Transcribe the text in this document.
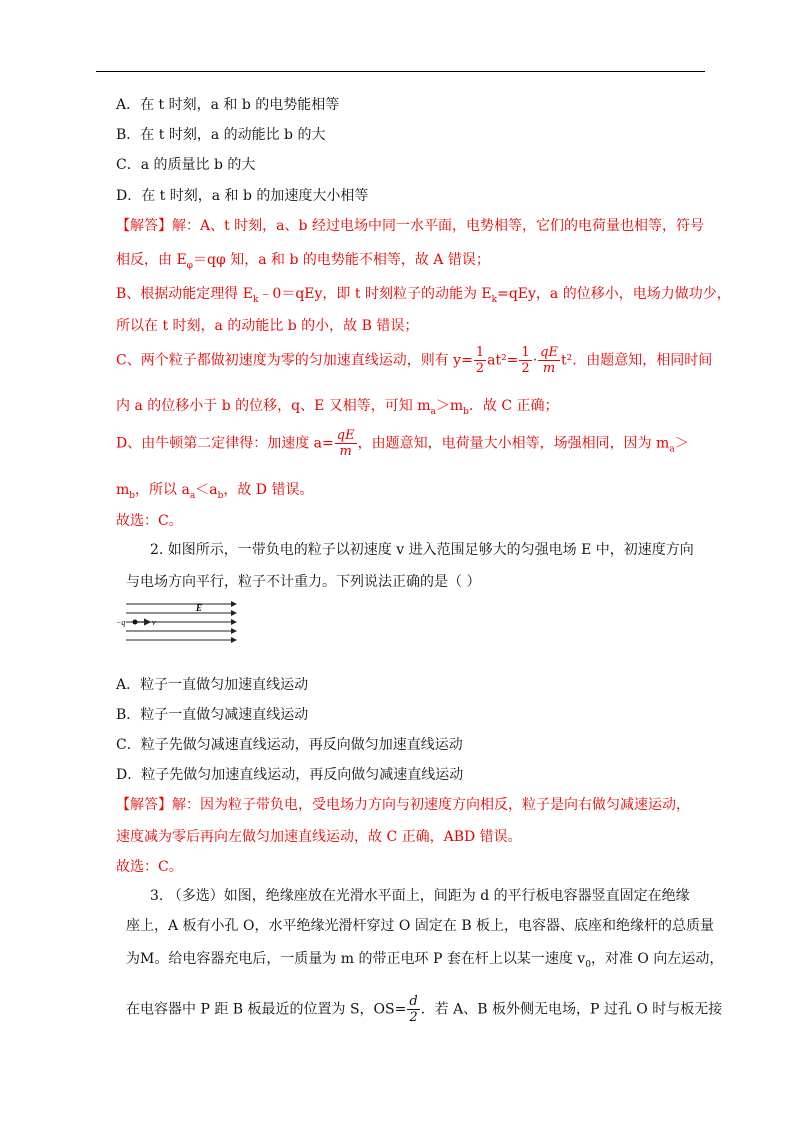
A．在 t 时刻，a 和 b 的电势能相等
B．在 t 时刻，a 的动能比 b 的大
C．a 的质量比 b 的大
D．在 t 时刻，a 和 b 的加速度大小相等
【解答】解：A、t 时刻，a、b 经过电场中同一水平面，电势相等，它们的电荷量也相等，符号
相反，由 $E_\varphi=q\varphi$ 知，a 和 b 的电势能不相等，故 A 错误；
B、根据动能定理得 $E_k﹣0=qEy$，即 t 时刻粒子的动能为 $E_k=qEy$，a 的位移小，电场力做功少，
所以在 t 时刻，a 的动能比 b 的小，故 B 错误；
C、两个粒子都做初速度为零的匀加速直线运动，则有 $y= \frac{1}{2} at^2= \frac{1}{2} \cdot \frac{qE}{m} t^2$．由题意知，相同时间
内 a 的位移小于 b 的位移，q、E 又相等，可知 $m_a>m_b$．故 C 正确；
D、由牛顿第二定律得：加速度 $a= \frac{qE}{m}$ ，由题意知，电荷量大小相等，场强相同，因为 $m_a>$
$m_b$，所以 $a_a<a_b$，故 D 错误。
故选：C。
2. 如图所示，一带负电的粒子以初速度 v 进入范围足够大的匀强电场 E 中，初速度方向
与电场方向平行，粒子不计重力。下列说法正确的是（ ）
E
−q	v
A．粒子一直做匀加速直线运动
B．粒子一直做匀减速直线运动
C．粒子先做匀减速直线运动，再反向做匀加速直线运动
D．粒子先做匀加速直线运动，再反向做匀减速直线运动
【解答】解：因为粒子带负电，受电场力方向与初速度方向相反，粒子是向右做匀减速运动，
速度减为零后再向左做匀加速直线运动，故 C 正确，ABD 错误。
故选：C。
3. （多选）如图，绝缘座放在光滑水平面上，间距为 d 的平行板电容器竖直固定在绝缘
座上，A 板有小孔 O，水平绝缘光滑杆穿过 O 固定在 B 板上，电容器、底座和绝缘杆的总质量
为M。给电容器充电后，一质量为 m 的带正电环 P 套在杆上以某一速度 $v_0$，对准 O 向左运动，
在电容器中 P 距 B 板最近的位置为 S，$OS= \frac{d}{2}$ ．若 A、B 板外侧无电场，P 过孔 O 时与板无接
